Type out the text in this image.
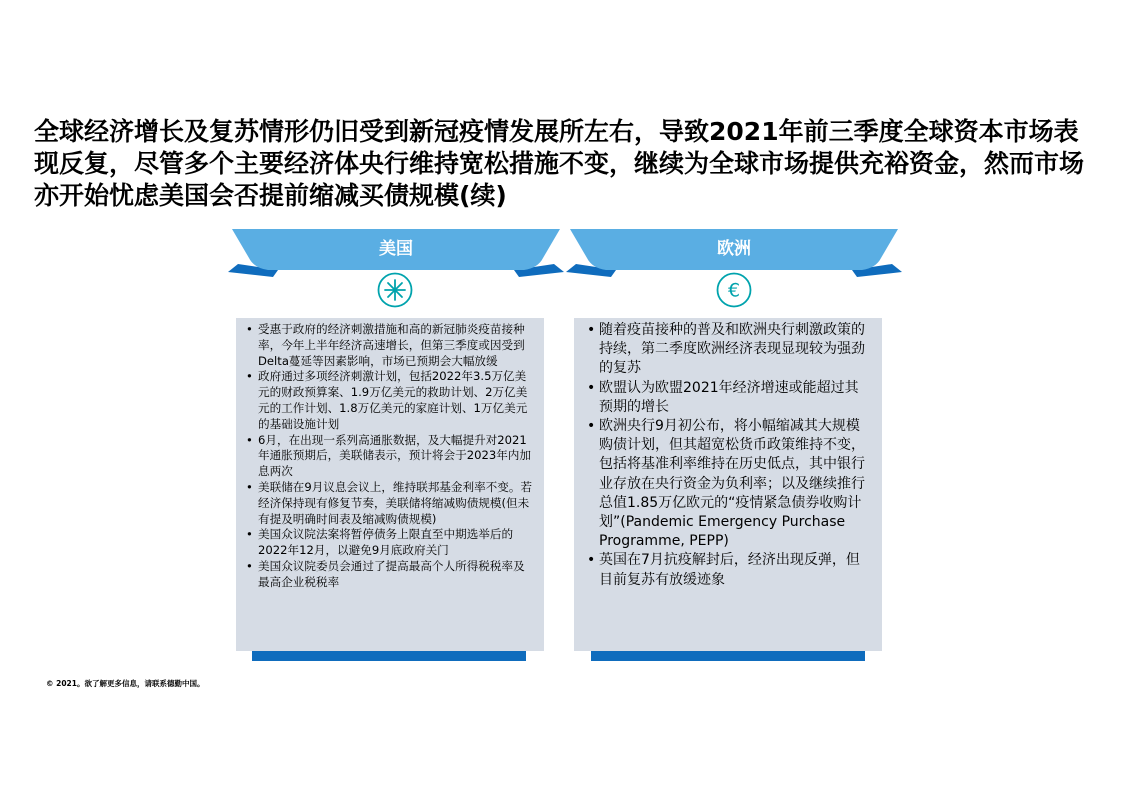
全球经济增长及复苏情形仍旧受到新冠疫情发展所左右，导致2021年前三季度全球资本市场表现反复，尽管多个主要经济体央行维持宽松措施不变，继续为全球市场提供充裕资金，然而市场亦开始忧虑美国会否提前缩减买债规模(续)
美国	欧洲
€
• 受惠于政府的经济刺激措施和高的新冠肺炎疫苗接种率，今年上半年经济高速增长，但第三季度或因受到Delta蔓延等因素影响，市场已预期会大幅放缓
• 政府通过多项经济刺激计划，包括2022年3.5万亿美元的财政预算案、1.9万亿美元的救助计划、2万亿美元的工作计划、1.8万亿美元的家庭计划、1万亿美元的基础设施计划
• 6月，在出现一系列高通胀数据，及大幅提升对2021年通胀预期后，美联储表示，预计将会于2023年内加息两次
• 美联储在9月议息会议上，维持联邦基金利率不变。若经济保持现有修复节奏，美联储将缩减购债规模(但未有提及明确时间表及缩减购债规模)
• 美国众议院法案将暂停债务上限直至中期选举后的2022年12月，以避免9月底政府关门
• 美国众议院委员会通过了提高最高个人所得税税率及最高企业税税率
• 随着疫苗接种的普及和欧洲央行刺激政策的持续，第二季度欧洲经济表现显现较为强劲的复苏
• 欧盟认为欧盟2021年经济增速或能超过其预期的增长
• 欧洲央行9月初公布，将小幅缩减其大规模购债计划，但其超宽松货币政策维持不变，包括将基准利率维持在历史低点，其中银行业存放在央行资金为负利率；以及继续推行总值1.85万亿欧元的“疫情紧急债券收购计划”(Pandemic Emergency Purchase Programme, PEPP)
• 英国在7月抗疫解封后，经济出现反弹，但目前复苏有放缓迹象
© 2021。欲了解更多信息，请联系德勤中国。
